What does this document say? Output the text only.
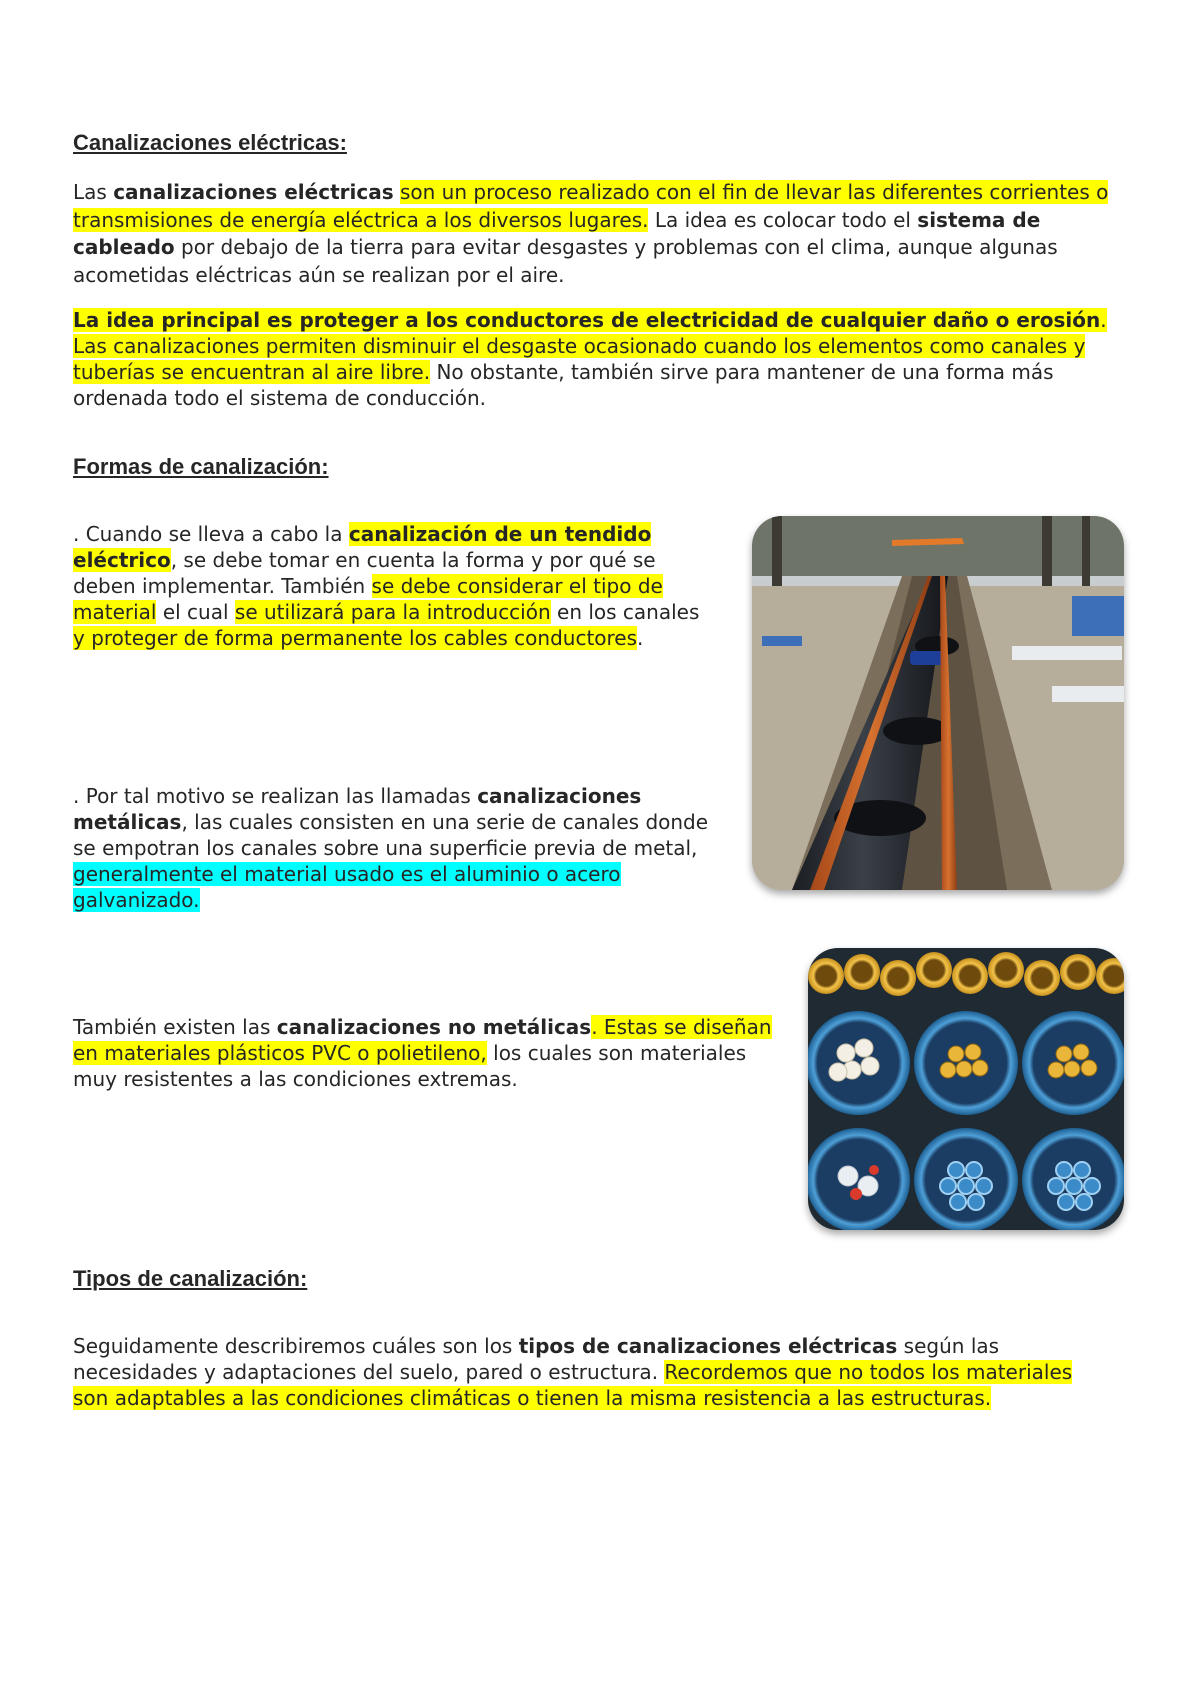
Canalizaciones eléctricas:

Las canalizaciones eléctricas son un proceso realizado con el fin de llevar las diferentes corrientes o transmisiones de energía eléctrica a los diversos lugares. La idea es colocar todo el sistema de cableado por debajo de la tierra para evitar desgastes y problemas con el clima, aunque algunas acometidas eléctricas aún se realizan por el aire.

La idea principal es proteger a los conductores de electricidad de cualquier daño o erosión. Las canalizaciones permiten disminuir el desgaste ocasionado cuando los elementos como canales y tuberías se encuentran al aire libre. No obstante, también sirve para mantener de una forma más ordenada todo el sistema de conducción.

Formas de canalización:

. Cuando se lleva a cabo la canalización de un tendido eléctrico, se debe tomar en cuenta la forma y por qué se deben implementar. También se debe considerar el tipo de material el cual se utilizará para la introducción en los canales y proteger de forma permanente los cables conductores.

. Por tal motivo se realizan las llamadas canalizaciones metálicas, las cuales consisten en una serie de canales donde se empotran los canales sobre una superficie previa de metal, generalmente el material usado es el aluminio o acero galvanizado.

También existen las canalizaciones no metálicas. Estas se diseñan en materiales plásticos PVC o polietileno, los cuales son materiales muy resistentes a las condiciones extremas.

Tipos de canalización:

Seguidamente describiremos cuáles son los tipos de canalizaciones eléctricas según las necesidades y adaptaciones del suelo, pared o estructura. Recordemos que no todos los materiales son adaptables a las condiciones climáticas o tienen la misma resistencia a las estructuras.
